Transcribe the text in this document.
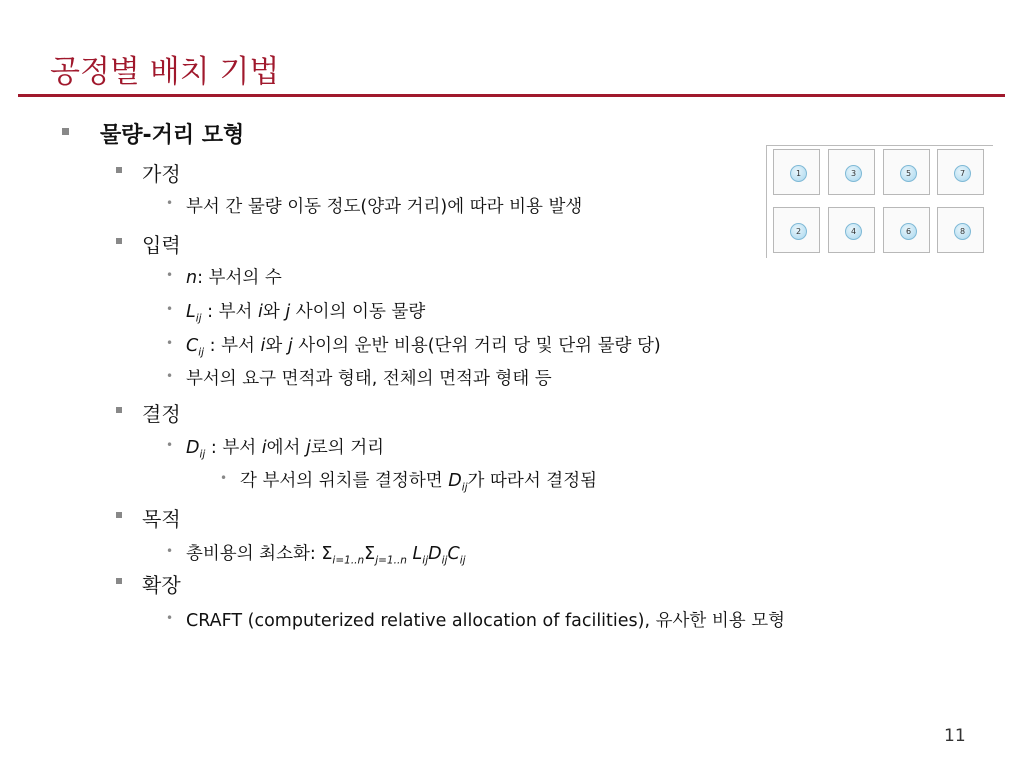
공정별 배치 기법
물량-거리 모형
가정
• 부서 간 물량 이동 정도(양과 거리)에 따라 비용 발생
입력
• n: 부서의 수
• $L_{ij}$ : 부서 i와 j 사이의 이동 물량
• $C_{ij}$ : 부서 i와 j 사이의 운반 비용(단위 거리 당 및 단위 물량 당)
• 부서의 요구 면적과 형태, 전체의 면적과 형태 등
결정
• $D_{ij}$ : 부서 i에서 j로의 거리
• 각 부서의 위치를 결정하면 $D_{ij}$가 따라서 결정됨
목적
• 총비용의 최소화: $\Sigma_{i=1..n}\Sigma_{j=1..n}$ $L_{ij}D_{ij}C_{ij}$
확장
• CRAFT (computerized relative allocation of facilities), 유사한 비용 모형
1	3	5	7
2	4	6	8
11
